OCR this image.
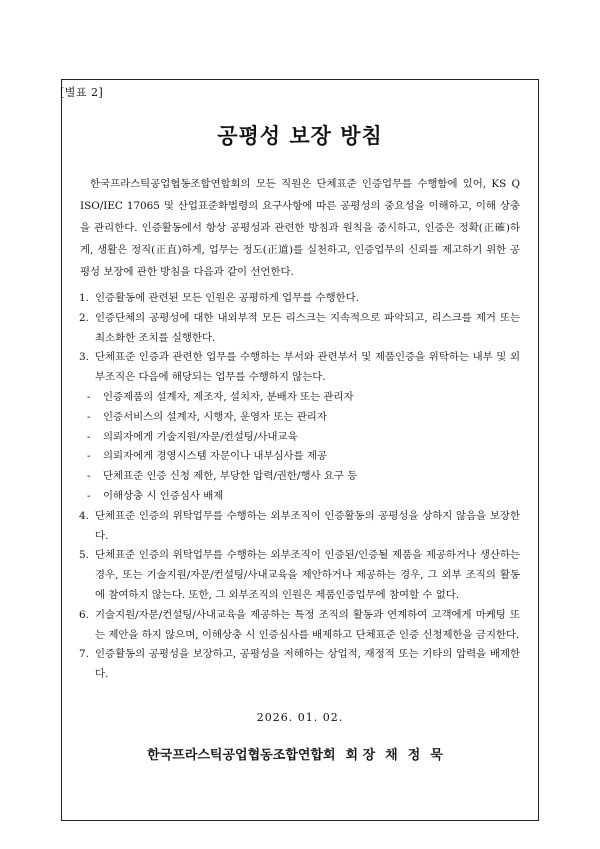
[별표 2]
공평성 보장 방침
한국프라스틱공업협동조합연합회의 모든 직원은 단체표준 인증업무를 수행함에 있어, KS Q ISO/IEC 17065 및 산업표준화법령의 요구사항에 따른 공평성의 중요성을 이해하고, 이해 상충을 관리한다. 인증활동에서 항상 공평성과 관련한 방침과 원칙을 중시하고, 인증은 정확(正確)하게, 생활은 정직(正直)하게, 업무는 정도(正道)를 실천하고, 인증업무의 신뢰를 제고하기 위한 공평성 보장에 관한 방침을 다음과 같이 선언한다.
1. 인증활동에 관련된 모든 인원은 공평하게 업무를 수행한다.
2. 인증단체의 공평성에 대한 내외부적 모든 리스크는 지속적으로 파악되고, 리스크를 제거 또는 최소화한 조치를 실행한다.
3. 단체표준 인증과 관련한 업무를 수행하는 부서와 관련부서 및 제품인증을 위탁하는 내부 및 외부조직은 다음에 해당되는 업무를 수행하지 않는다.
-	인증제품의 설계자, 제조자, 설치자, 분배자 또는 관리자
-	인증서비스의 설계자, 시행자, 운영자 또는 관리자
-	의뢰자에게 기술지원/자문/컨설팅/사내교육
-	의뢰자에게 경영시스템 자문이나 내부심사를 제공
-	단체표준 인증 신청 제한, 부당한 압력/권한/행사 요구 등
-	이해상충 시 인증심사 배제
4. 단체표준 인증의 위탁업무를 수행하는 외부조직이 인증활동의 공평성을 상하지 않음을 보장한다.
5. 단체표준 인증의 위탁업무를 수행하는 외부조직이 인증된/인증될 제품을 제공하거나 생산하는 경우, 또는 기술지원/자문/컨설팅/사내교육을 제안하거나 제공하는 경우, 그 외부 조직의 활동에 참여하지 않는다. 또한, 그 외부조직의 인원은 제품인증업무에 참여할 수 없다.
6. 기술지원/자문/컨설팅/사내교육을 제공하는 특정 조직의 활동과 연계하여 고객에게 마케팅 또는 제안을 하지 않으며, 이해상충 시 인증심사를 배제하고 단체표준 인증 신청제한을 금지한다.
7. 인증활동의 공평성을 보장하고, 공평성을 저해하는 상업적, 재정적 또는 기타의 압력을 배제한다.
2026. 01. 02.
한국프라스틱공업협동조합연합회 회 장 채정묵
